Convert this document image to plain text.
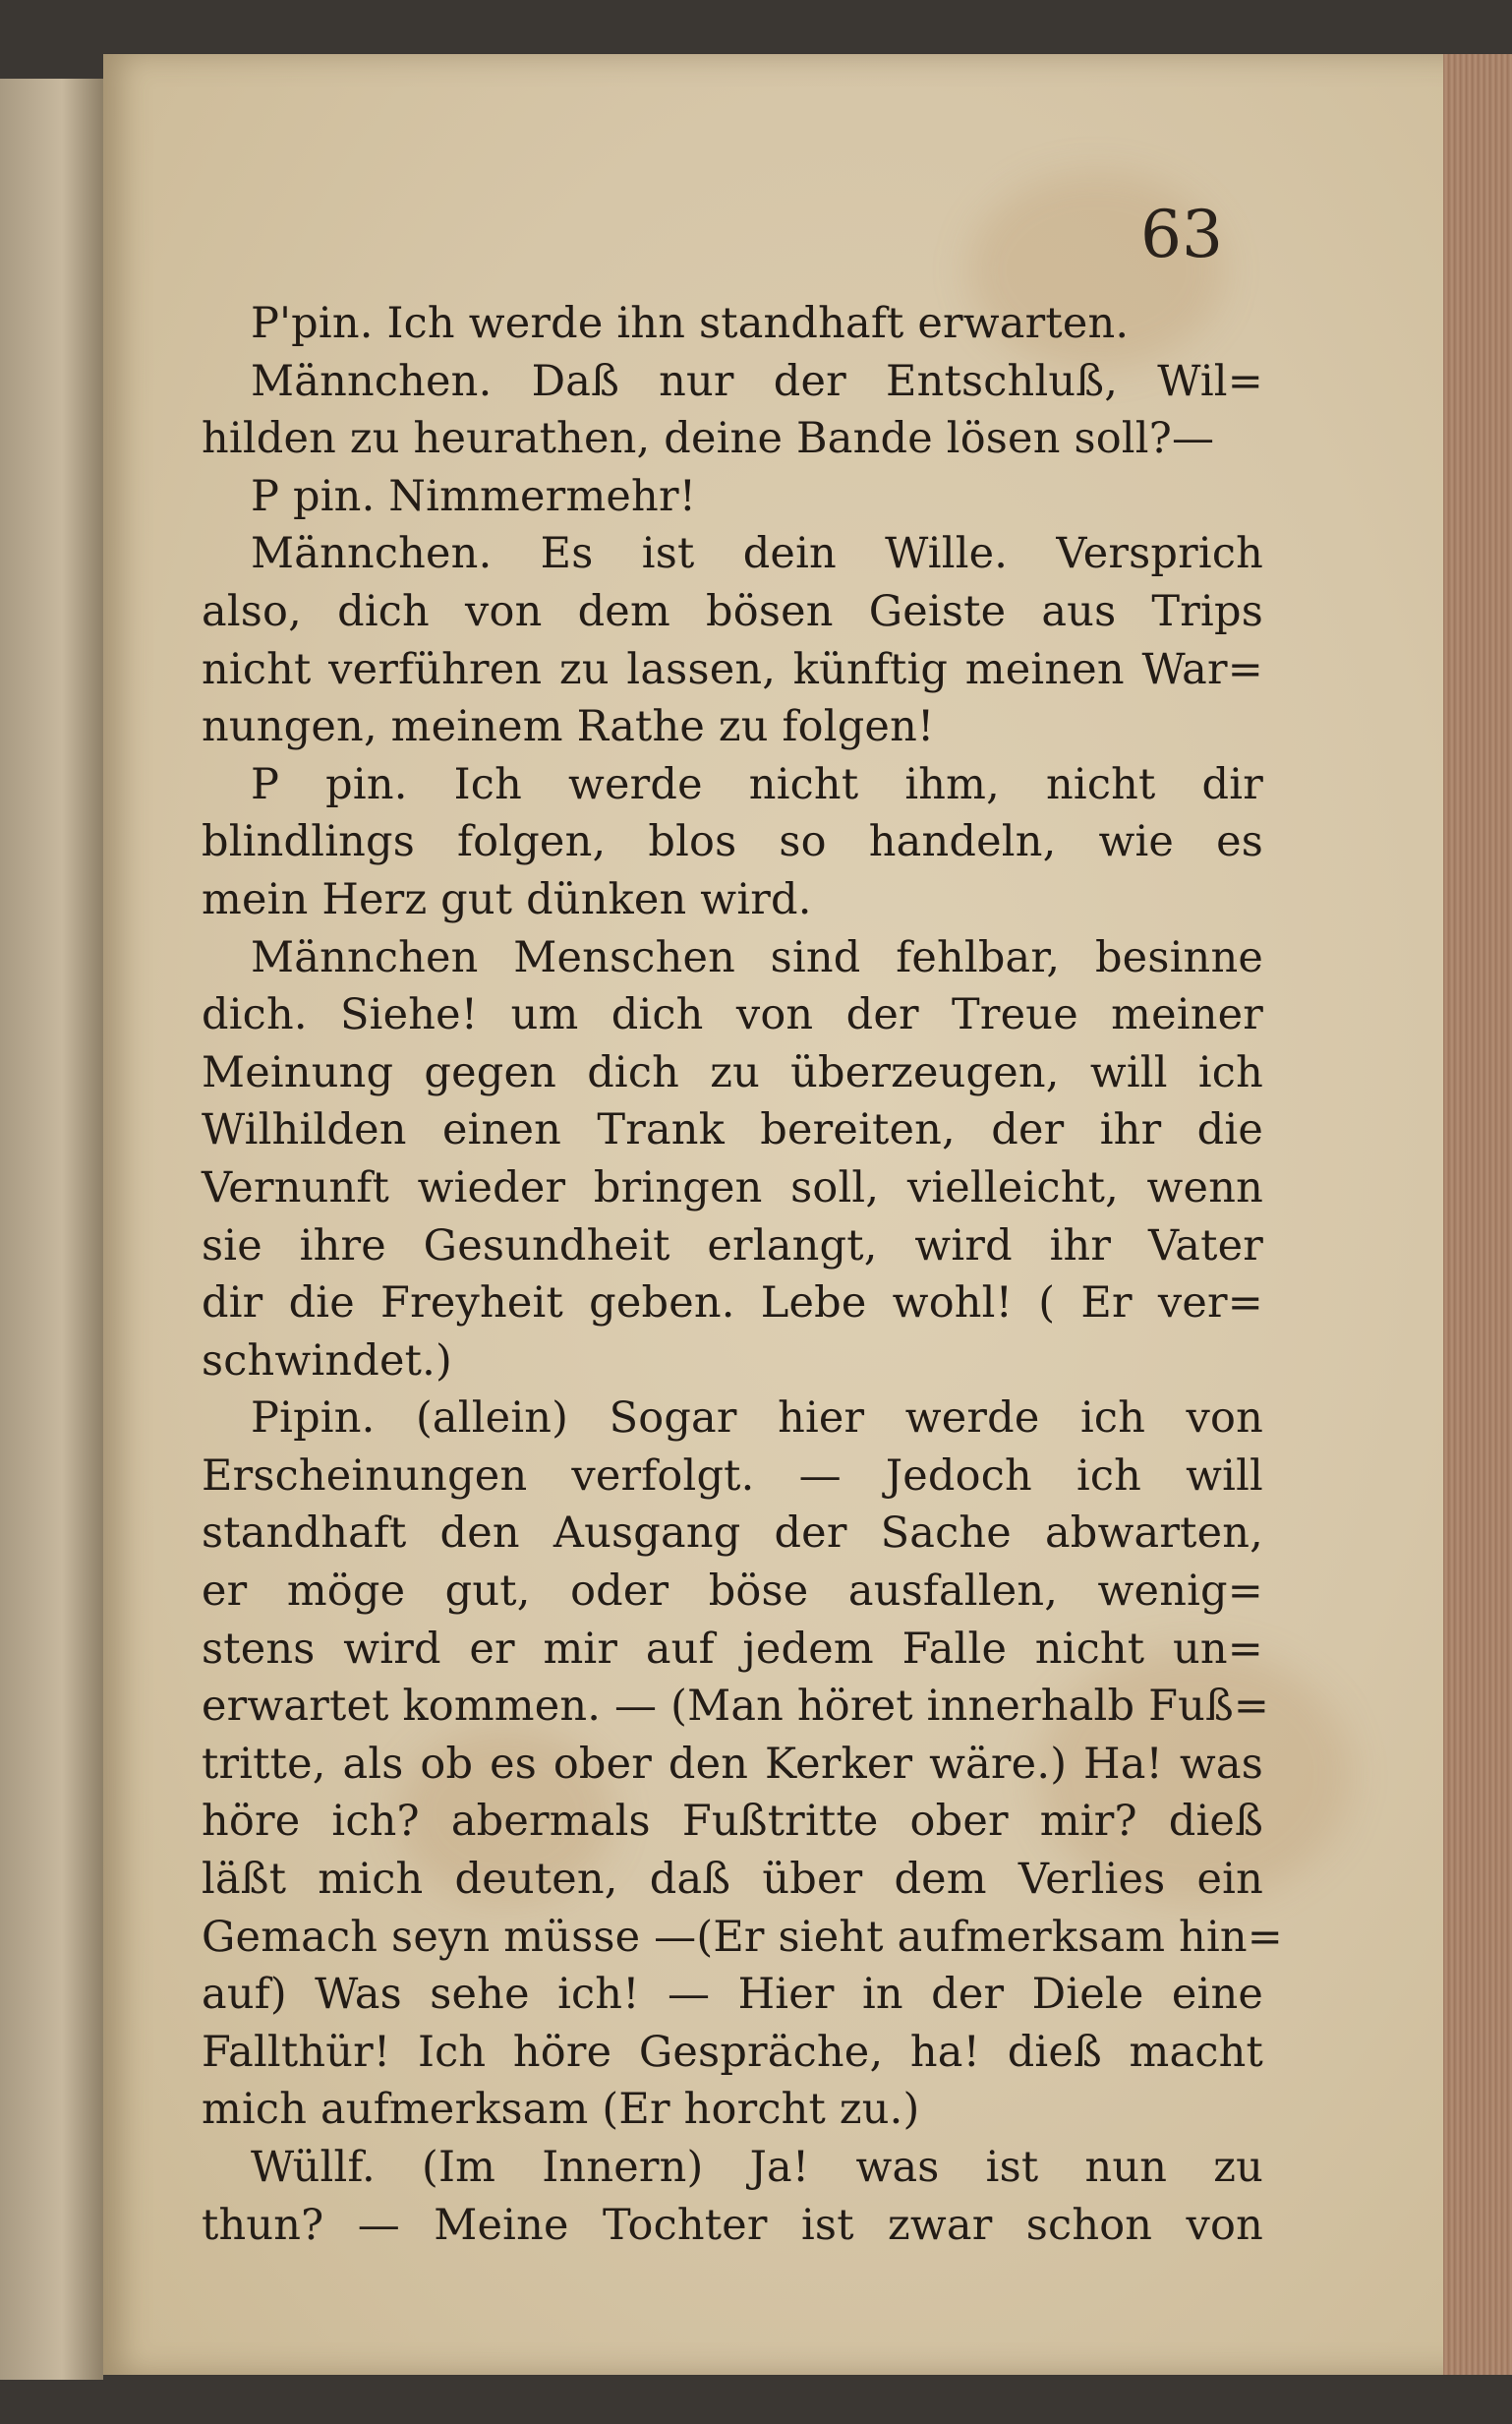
63
P'pin. Ich werde ihn standhaft erwarten.
Männchen. Daß nur der Entschluß, Wil=
hilden zu heurathen, deine Bande lösen soll?—
P pin. Nimmermehr!
Männchen. Es ist dein Wille. Versprich
also, dich von dem bösen Geiste aus Trips
nicht verführen zu lassen, künftig meinen War=
nungen, meinem Rathe zu folgen!
P pin. Ich werde nicht ihm, nicht dir
blindlings folgen, blos so handeln, wie es
mein Herz gut dünken wird.
Männchen Menschen sind fehlbar, besinne
dich. Siehe! um dich von der Treue meiner
Meinung gegen dich zu überzeugen, will ich
Wilhilden einen Trank bereiten, der ihr die
Vernunft wieder bringen soll, vielleicht, wenn
sie ihre Gesundheit erlangt, wird ihr Vater
dir die Freyheit geben. Lebe wohl! ( Er ver=
schwindet.)
Pipin. (allein) Sogar hier werde ich von
Erscheinungen verfolgt. — Jedoch ich will
standhaft den Ausgang der Sache abwarten,
er möge gut, oder böse ausfallen, wenig=
stens wird er mir auf jedem Falle nicht un=
erwartet kommen. — (Man höret innerhalb Fuß=
tritte, als ob es ober den Kerker wäre.) Ha! was
höre ich? abermals Fußtritte ober mir? dieß
läßt mich deuten, daß über dem Verlies ein
Gemach seyn müsse —(Er sieht aufmerksam hin=
auf) Was sehe ich! — Hier in der Diele eine
Fallthür! Ich höre Gespräche, ha! dieß macht
mich aufmerksam (Er horcht zu.)
Wüllf. (Im Innern) Ja! was ist nun zu
thun? — Meine Tochter ist zwar schon von
